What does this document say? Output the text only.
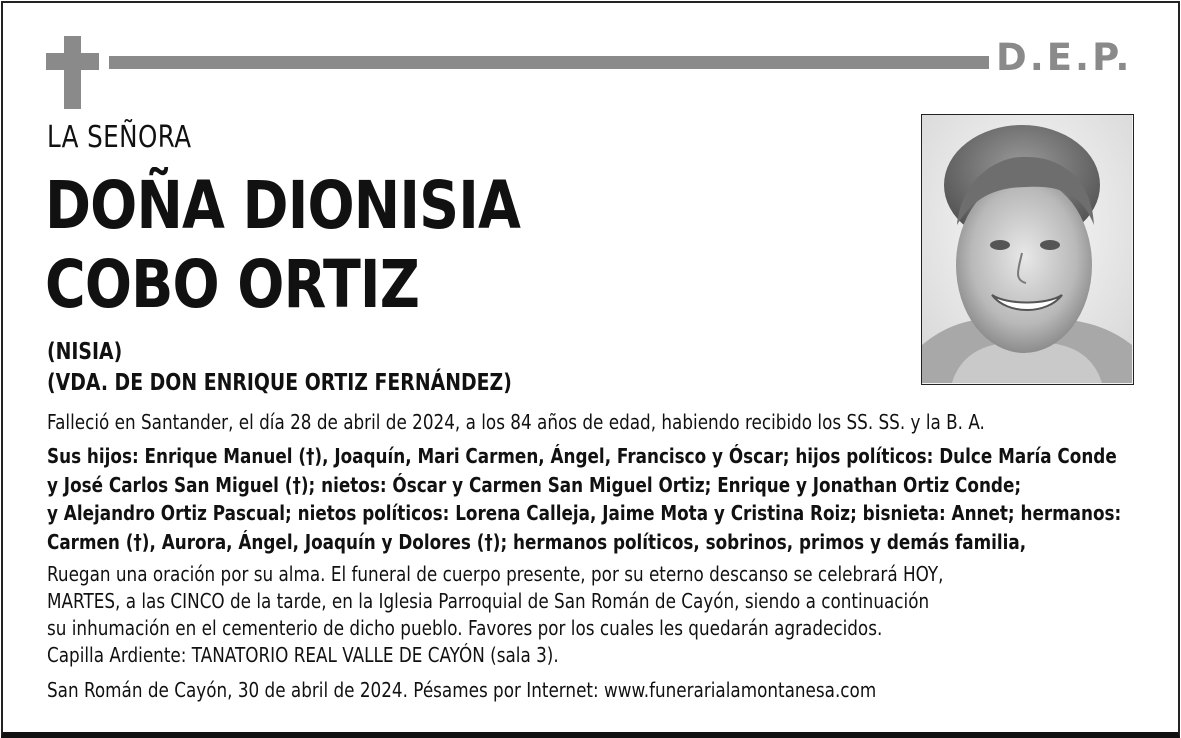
D.E.P.
LA SEÑORA
DOÑA DIONISIA
COBO ORTIZ
(NISIA)
(VDA. DE DON ENRIQUE ORTIZ FERNÁNDEZ)
Falleció en Santander, el día 28 de abril de 2024, a los 84 años de edad, habiendo recibido los SS. SS. y la B. A.
Sus hijos: Enrique Manuel (†), Joaquín, Mari Carmen, Ángel, Francisco y Óscar; hijos políticos: Dulce María Conde
y José Carlos San Miguel (†); nietos: Óscar y Carmen San Miguel Ortiz; Enrique y Jonathan Ortiz Conde;
y Alejandro Ortiz Pascual; nietos políticos: Lorena Calleja, Jaime Mota y Cristina Roiz; bisnieta: Annet; hermanos:
Carmen (†), Aurora, Ángel, Joaquín y Dolores (†); hermanos políticos, sobrinos, primos y demás familia,
Ruegan una oración por su alma. El funeral de cuerpo presente, por su eterno descanso se celebrará HOY,
MARTES, a las CINCO de la tarde, en la Iglesia Parroquial de San Román de Cayón, siendo a continuación
su inhumación en el cementerio de dicho pueblo. Favores por los cuales les quedarán agradecidos.
Capilla Ardiente: TANATORIO REAL VALLE DE CAYÓN (sala 3).
San Román de Cayón, 30 de abril de 2024. Pésames por Internet: www.funerarialamontanesa.com
